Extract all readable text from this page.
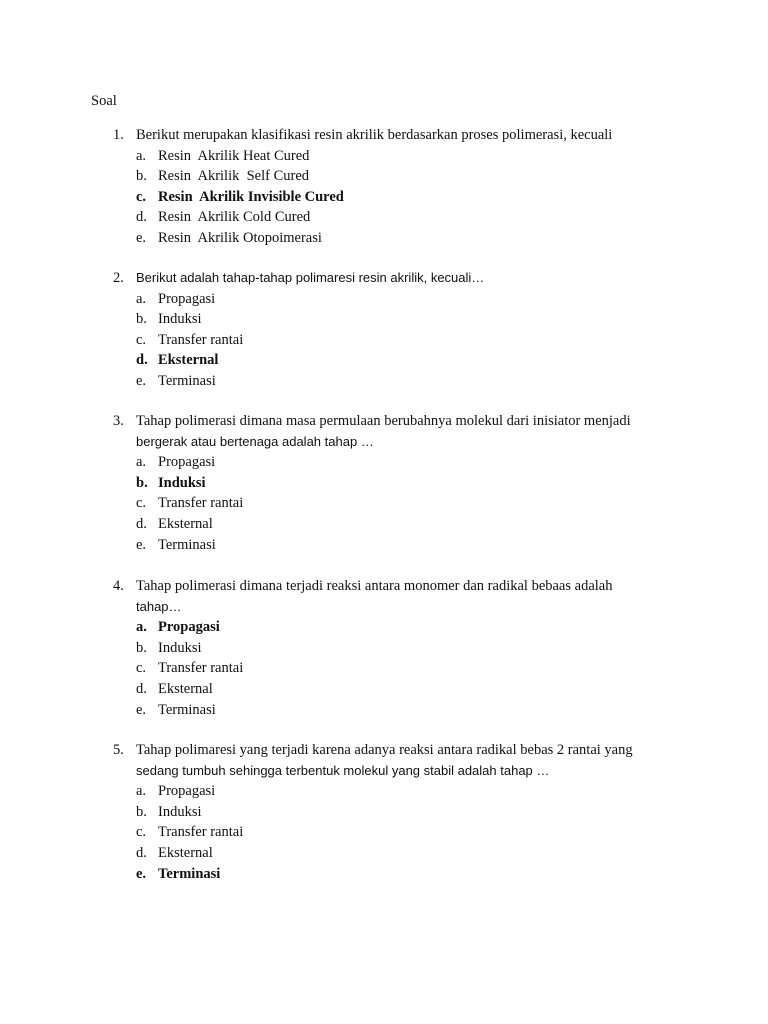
Soal
1. Berikut merupakan klasifikasi resin akrilik berdasarkan proses polimerasi, kecuali
a. Resin  Akrilik Heat Cured
b. Resin  Akrilik  Self Cured
c. Resin  Akrilik Invisible Cured
d. Resin  Akrilik Cold Cured
e. Resin  Akrilik Otopoimerasi
2. Berikut adalah tahap-tahap polimaresi resin akrilik, kecuali…
a. Propagasi
b. Induksi
c. Transfer rantai
d. Eksternal
e. Terminasi
3. Tahap polimerasi dimana masa permulaan berubahnya molekul dari inisiator menjadi
bergerak atau bertenaga adalah tahap …
a. Propagasi
b. Induksi
c. Transfer rantai
d. Eksternal
e. Terminasi
4. Tahap polimerasi dimana terjadi reaksi antara monomer dan radikal bebaas adalah
tahap…
a. Propagasi
b. Induksi
c. Transfer rantai
d. Eksternal
e. Terminasi
5. Tahap polimaresi yang terjadi karena adanya reaksi antara radikal bebas 2 rantai yang
sedang tumbuh sehingga terbentuk molekul yang stabil adalah tahap …
a. Propagasi
b. Induksi
c. Transfer rantai
d. Eksternal
e. Terminasi
